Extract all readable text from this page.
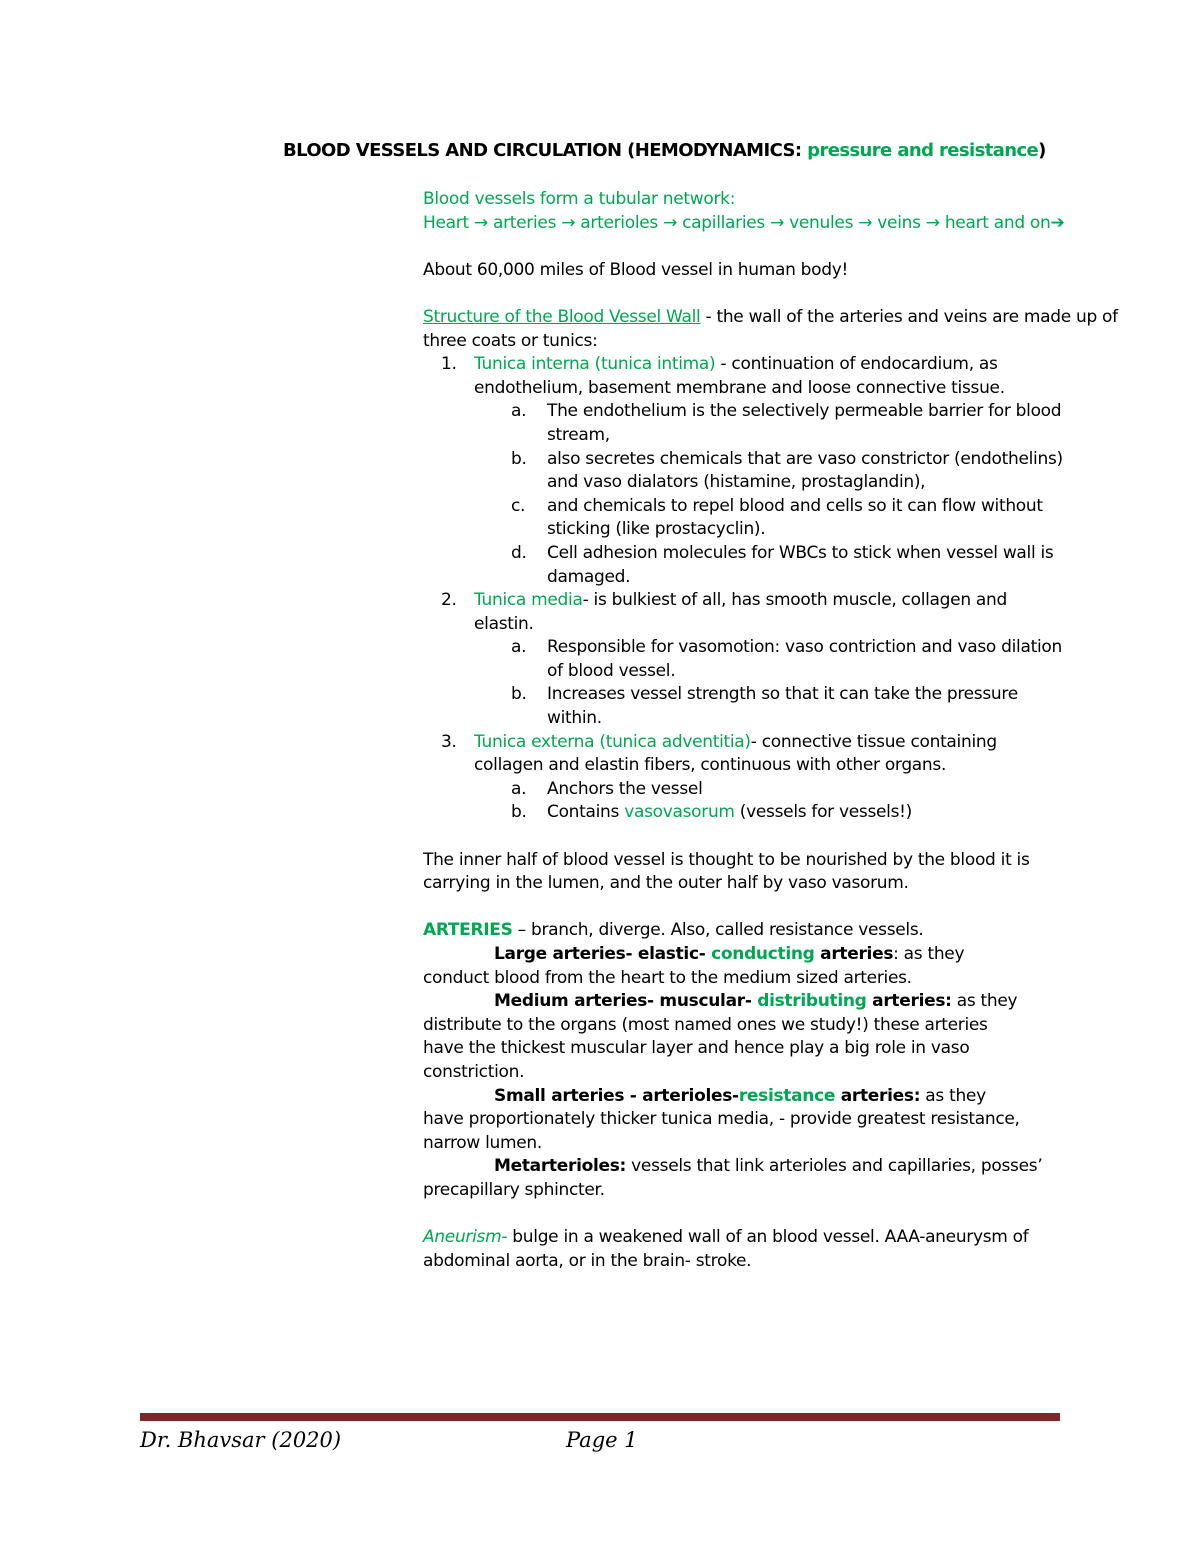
BLOOD VESSELS AND CIRCULATION (HEMODYNAMICS: pressure and resistance)

Blood vessels form a tubular network:

Heart → arteries → arterioles → capillaries → venules → veins → heart and on➔

About 60,000 miles of Blood vessel in human body!

Structure of the Blood Vessel Wall - the wall of the arteries and veins are made up of three coats or tunics:

1.	Tunica interna (tunica intima) - continuation of endocardium, as endothelium, basement membrane and loose connective tissue.
a.	The endothelium is the selectively permeable barrier for blood stream,
b.	also secretes chemicals that are vaso constrictor (endothelins) and vaso dialators (histamine, prostaglandin),
c.	and chemicals to repel blood and cells so it can flow without sticking (like prostacyclin).
d.	Cell adhesion molecules for WBCs to stick when vessel wall is damaged.
2.	Tunica media- is bulkiest of all, has smooth muscle, collagen and elastin.
a.	Responsible for vasomotion: vaso contriction and vaso dilation of blood vessel.
b.	Increases vessel strength so that it can take the pressure within.
3.	Tunica externa (tunica adventitia)- connective tissue containing collagen and elastin fibers, continuous with other organs.
a.	Anchors the vessel
b.	Contains vasovasorum (vessels for vessels!)

The inner half of blood vessel is thought to be nourished by the blood it is carrying in the lumen, and the outer half by vaso vasorum.

ARTERIES – branch, diverge. Also, called resistance vessels.

Large arteries- elastic- conducting arteries: as they conduct blood from the heart to the medium sized arteries.

Medium arteries- muscular- distributing arteries: as they distribute to the organs (most named ones we study!) these arteries have the thickest muscular layer and hence play a big role in vaso constriction.

Small arteries - arterioles-resistance arteries: as they have proportionately thicker tunica media, - provide greatest resistance, narrow lumen.

Metarterioles: vessels that link arterioles and capillaries, posses’ precapillary sphincter.

Aneurism- bulge in a weakened wall of an blood vessel. AAA-aneurysm of abdominal aorta, or in the brain- stroke.

Dr. Bhavsar (2020)	Page 1
